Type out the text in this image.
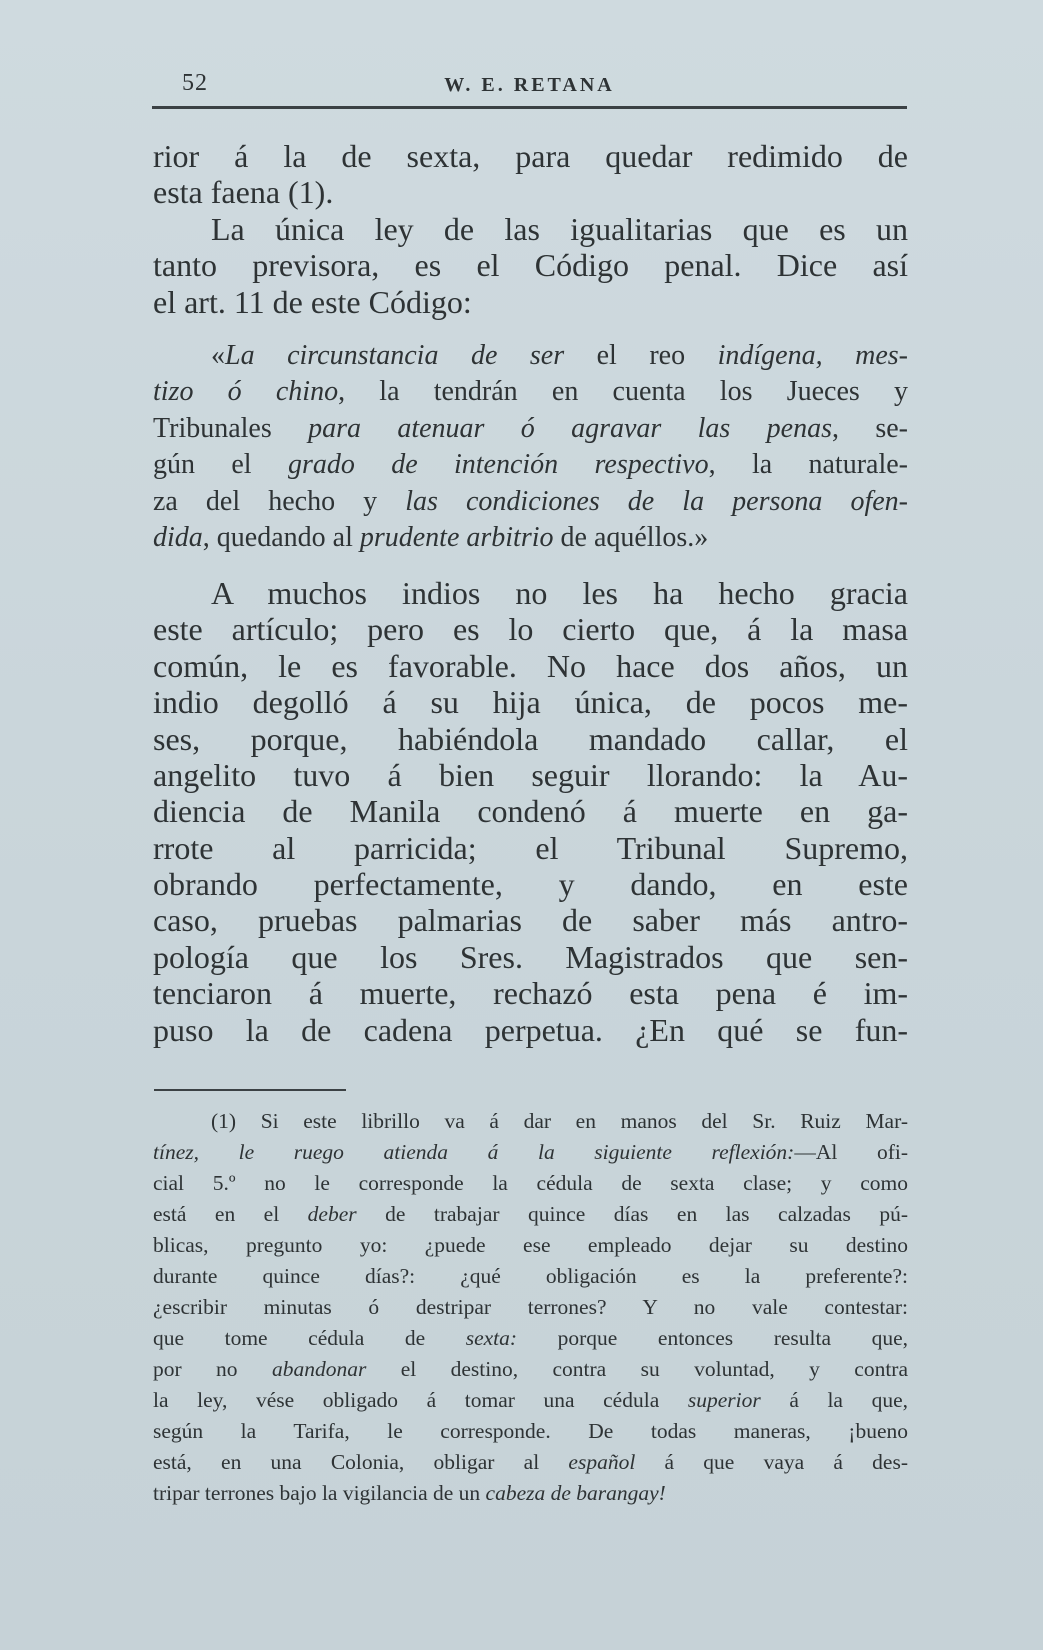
52	W. E. RETANA
rior á la de sexta, para quedar redimido de
esta faena (1).
La única ley de las igualitarias que es un
tanto previsora, es el Código penal. Dice así
el art. 11 de este Código:
«La circunstancia de ser el reo indígena, mes-
tizo ó chino, la tendrán en cuenta los Jueces y
Tribunales para atenuar ó agravar las penas, se-
gún el grado de intención respectivo, la naturale-
za del hecho y las condiciones de la persona ofen-
dida, quedando al prudente arbitrio de aquéllos.»
A muchos indios no les ha hecho gracia
este artículo; pero es lo cierto que, á la masa
común, le es favorable. No hace dos años, un
indio degolló á su hija única, de pocos me-
ses, porque, habiéndola mandado callar, el
angelito tuvo á bien seguir llorando: la Au-
diencia de Manila condenó á muerte en ga-
rrote al parricida; el Tribunal Supremo,
obrando perfectamente, y dando, en este
caso, pruebas palmarias de saber más antro-
pología que los Sres. Magistrados que sen-
tenciaron á muerte, rechazó esta pena é im-
puso la de cadena perpetua. ¿En qué se fun-
(1) Si este librillo va á dar en manos del Sr. Ruiz Mar-
tínez, le ruego atienda á la siguiente reflexión:—Al ofi-
cial 5.º no le corresponde la cédula de sexta clase; y como
está en el deber de trabajar quince días en las calzadas pú-
blicas, pregunto yo: ¿puede ese empleado dejar su destino
durante quince días?: ¿qué obligación es la preferente?:
¿escribir minutas ó destripar terrones? Y no vale contestar:
que tome cédula de sexta: porque entonces resulta que,
por no abandonar el destino, contra su voluntad, y contra
la ley, vése obligado á tomar una cédula superior á la que,
según la Tarifa, le corresponde. De todas maneras, ¡bueno
está, en una Colonia, obligar al español á que vaya á des-
tripar terrones bajo la vigilancia de un cabeza de barangay!
